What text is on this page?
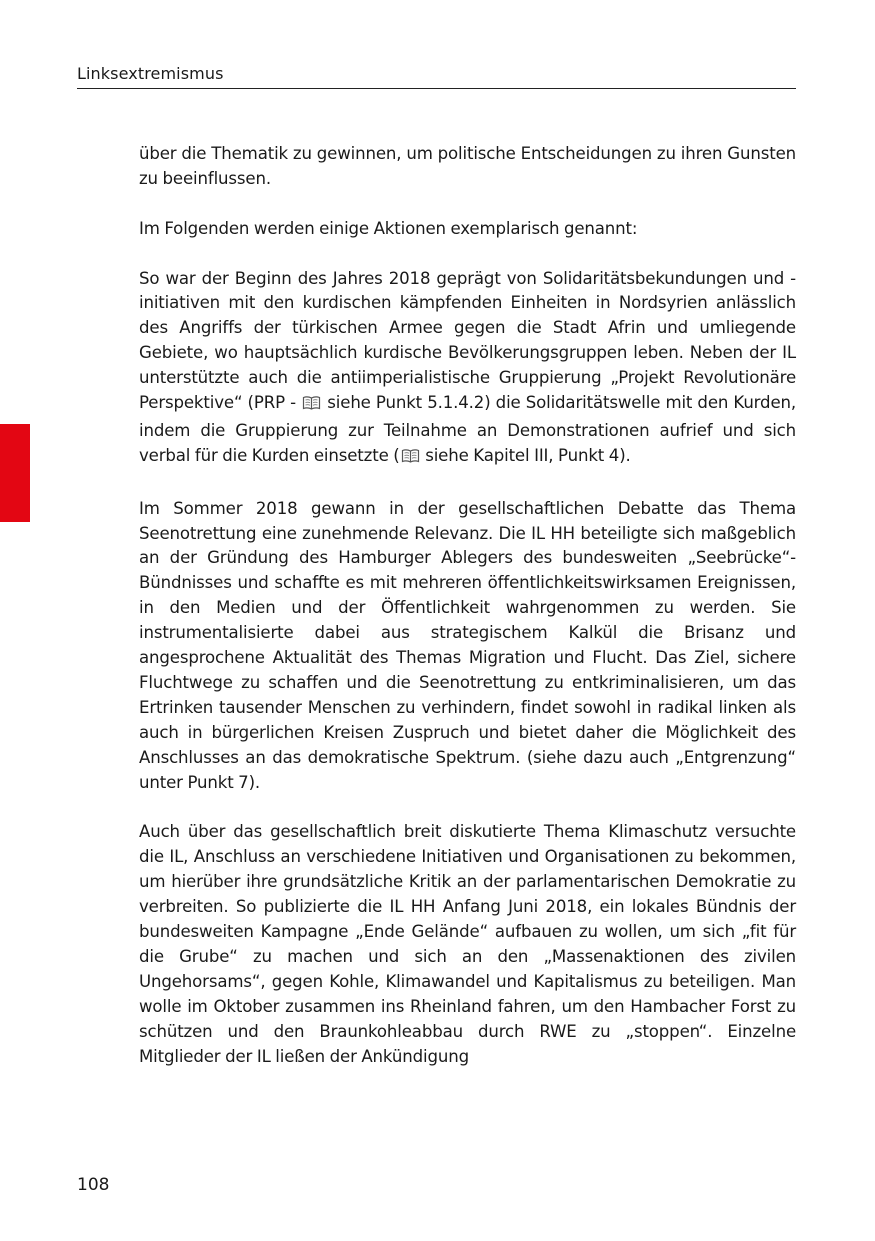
Linksextremismus

über die Thematik zu gewinnen, um politische Entscheidungen zu ihren Gunsten zu beeinflussen.

Im Folgenden werden einige Aktionen exemplarisch genannt:

So war der Beginn des Jahres 2018 geprägt von Solidaritätsbekundungen und -initiativen mit den kurdischen kämpfenden Einheiten in Nordsyrien anlässlich des Angriffs der türkischen Armee gegen die Stadt Afrin und umliegende Gebiete, wo hauptsächlich kurdische Bevölkerungsgruppen leben. Neben der IL unterstützte auch die antiimperialistische Gruppierung „Projekt Revolutionäre Perspektive“ (PRP -  siehe Punkt 5.1.4.2) die Solidaritätswelle mit den Kurden, indem die Gruppierung zur Teilnahme an Demonstrationen aufrief und sich verbal für die Kurden einsetzte ( siehe Kapitel III, Punkt 4).

Im Sommer 2018 gewann in der gesellschaftlichen Debatte das Thema Seenotrettung eine zunehmende Relevanz. Die IL HH beteiligte sich maßgeblich an der Gründung des Hamburger Ablegers des bundesweiten „Seebrücke“-Bündnisses und schaffte es mit mehreren öffentlichkeitswirksamen Ereignissen, in den Medien und der Öffentlichkeit wahrgenommen zu werden. Sie instrumentalisierte dabei aus strategischem Kalkül die Brisanz und angesprochene Aktualität des Themas Migration und Flucht. Das Ziel, sichere Fluchtwege zu schaffen und die Seenotrettung zu entkriminalisieren, um das Ertrinken tausender Menschen zu verhindern, findet sowohl in radikal linken als auch in bürgerlichen Kreisen Zuspruch und bietet daher die Möglichkeit des Anschlusses an das demokratische Spektrum. (siehe dazu auch „Entgrenzung“ unter Punkt 7).

Auch über das gesellschaftlich breit diskutierte Thema Klimaschutz versuchte die IL, Anschluss an verschiedene Initiativen und Organisationen zu bekommen, um hierüber ihre grundsätzliche Kritik an der parlamentarischen Demokratie zu verbreiten. So publizierte die IL HH Anfang Juni 2018, ein lokales Bündnis der bundesweiten Kampagne „Ende Gelände“ aufbauen zu wollen, um sich „fit für die Grube“ zu machen und sich an den „Massenaktionen des zivilen Ungehorsams“, gegen Kohle, Klimawandel und Kapitalismus zu beteiligen. Man wolle im Oktober zusammen ins Rheinland fahren, um den Hambacher Forst zu schützen und den Braunkohleabbau durch RWE zu „stoppen“. Einzelne Mitglieder der IL ließen der Ankündigung

108
